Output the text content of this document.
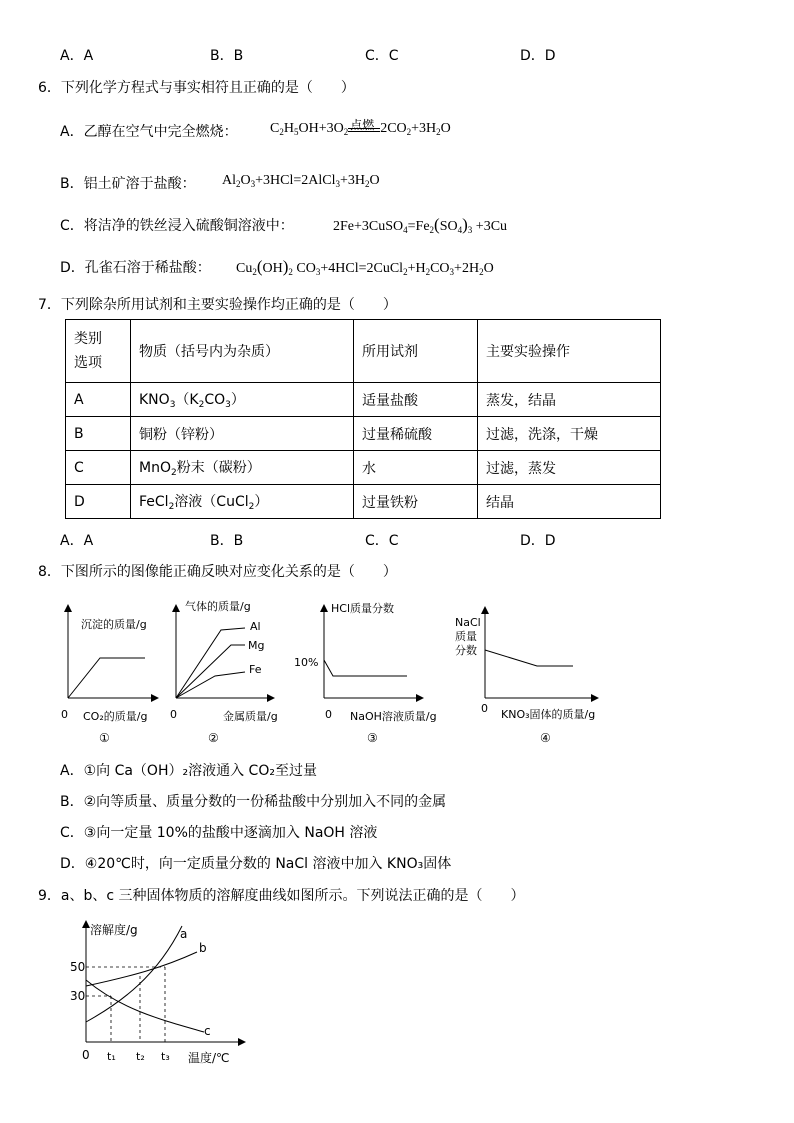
A．A	B．B	C．C	D．D
6．下列化学方程式与事实相符且正确的是（　　）
A．乙醇在空气中完全燃烧： $C_2H_5OH+3O_2$ 点燃 $2CO_2+3H_2O$
B．铝土矿溶于盐酸： $Al_2O_3+3HCl=2AlCl_3+3H_2O$
C．将洁净的铁丝浸入硫酸铜溶液中：	$2Fe+3CuSO_4=Fe_2(SO_4)_3 +3Cu$
D．孔雀石溶于稀盐酸： $Cu_2(OH)_2$ $CO_3+4HCl=2CuCl_2+H_2CO_3+2H_2O$
7．下列除杂所用试剂和主要实验操作均正确的是（　　）
类别
选项	物质（括号内为杂质）	所用试剂	主要实验操作
A	$KNO_3(K_2CO_3)$	适量盐酸	蒸发，结晶
B	铜粉（锌粉）	过量稀硫酸	过滤，洗涤，干燥
C	MnO$_2$粉末（碳粉）	水	过滤，蒸发
D	FeCl$_2$溶液（CuCl$_2$）	过量铁粉	结晶
A．A	B．B	C．C	D．D
8．下图所示的图像能正确反映对应变化关系的是（　　）
沉淀的质量/g
0 CO₂的质量/g
①
气体的质量/g
Al
Mg
Fe
0	金属质量/g
②
HCl质量分数
10%
0 NaOH溶液质量/g
③
NaCl
质量
分数
0 KNO₃固体的质量/g
④
A．①向 Ca（OH）₂溶液通入 CO₂至过量
B．②向等质量、质量分数的一份稀盐酸中分别加入不同的金属
C．③向一定量 10%的盐酸中逐滴加入 NaOH 溶液
D．④20℃时，向一定质量分数的 NaCl 溶液中加入 KNO₃固体
9．a、b、c 三种固体物质的溶解度曲线如图所示。下列说法正确的是（　　）
溶解度/g	a
b
c
50
30
0 t₁ t₂ t₃ 温度/℃
